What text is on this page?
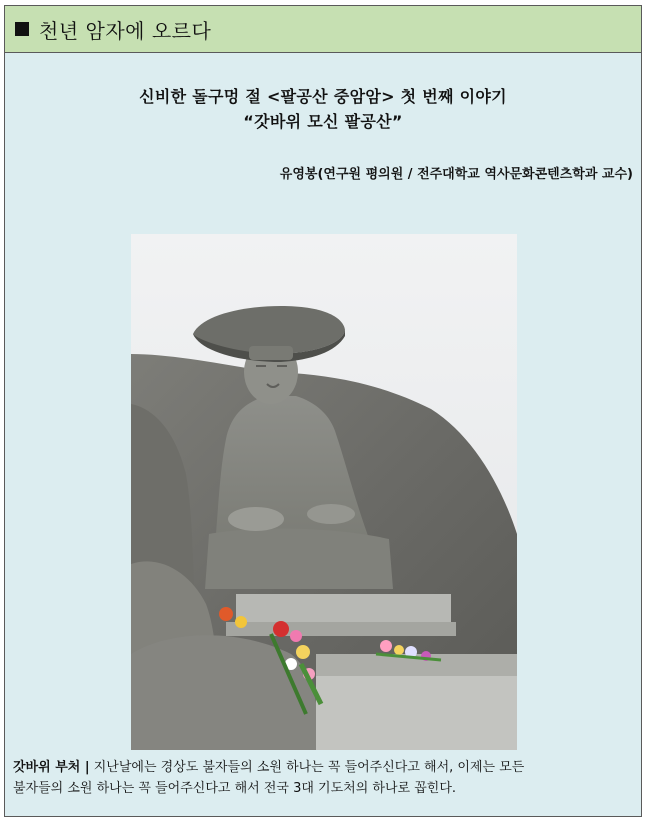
천년 암자에 오르다
신비한 돌구멍 절 <팔공산 중암암> 첫 번째 이야기
“갓바위 모신 팔공산”
유영봉(연구원 평의원 / 전주대학교 역사문화콘텐츠학과 교수)
갓바위 부처 | 지난날에는 경상도 불자들의 소원 하나는 꼭 들어주신다고 해서, 이제는 모든
불자들의 소원 하나는 꼭 들어주신다고 해서 전국 3대 기도처의 하나로 꼽힌다.
